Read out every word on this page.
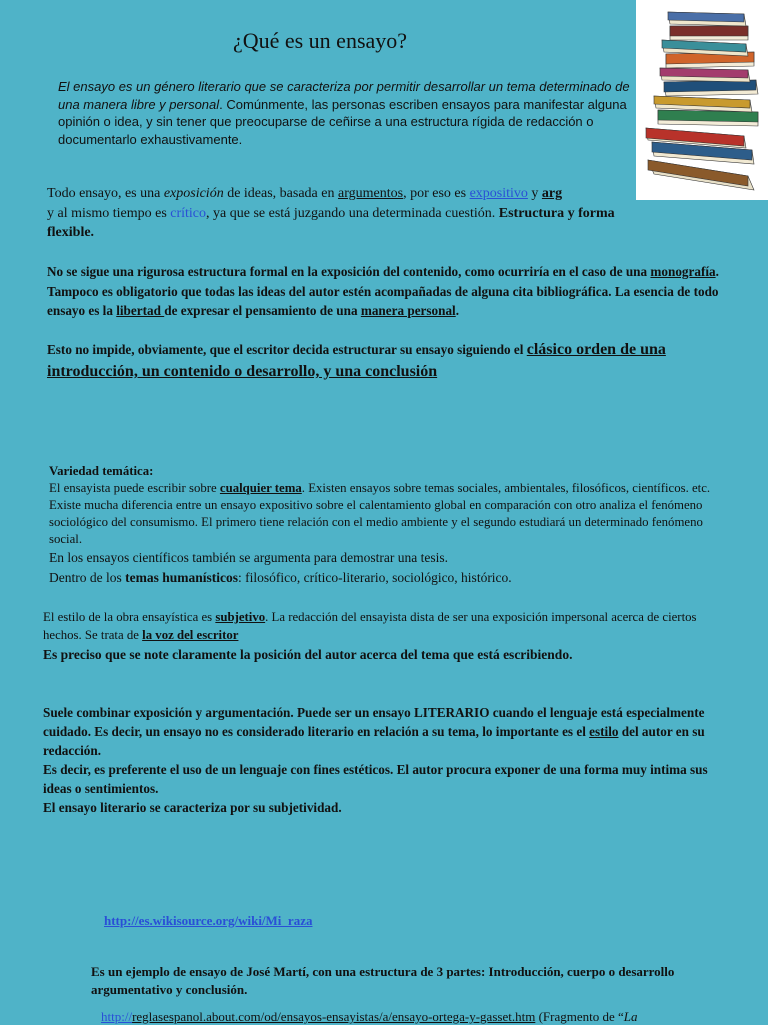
¿Qué es un ensayo?

El ensayo es un género literario que se caracteriza por permitir desarrollar un tema determinado de una manera libre y personal. Comúnmente, las personas escriben ensayos para manifestar alguna opinión o idea, y sin tener que preocuparse de ceñirse a una estructura rígida de redacción o documentarlo exhaustivamente.

Todo ensayo, es una exposición de ideas, basada en argumentos, por eso es expositivo y arg
y al mismo tiempo es crítico, ya que se está juzgando una determinada cuestión. Estructura y forma flexible.

No se sigue una rigurosa estructura formal en la exposición del contenido, como ocurriría en el caso de una monografía. Tampoco es obligatorio que todas las ideas del autor estén acompañadas de alguna cita bibliográfica. La esencia de todo ensayo es la libertad de expresar el pensamiento de una manera personal.

Esto no impide, obviamente, que el escritor decida estructurar su ensayo siguiendo el clásico orden de una introducción, un contenido o desarrollo, y una conclusión

Variedad temática:

El ensayista puede escribir sobre cualquier tema. Existen ensayos sobre temas sociales, ambientales, filosóficos, científicos. etc.

Existe mucha diferencia entre un ensayo expositivo sobre el calentamiento global en comparación con otro analiza el fenómeno sociológico del consumismo. El primero tiene relación con el medio ambiente y el segundo estudiará un determinado fenómeno social.

En los ensayos científicos también se argumenta para demostrar una tesis.

Dentro de los temas humanísticos: filosófico, crítico-literario, sociológico, histórico.

El estilo de la obra ensayística es subjetivo. La redacción del ensayista dista de ser una exposición impersonal acerca de ciertos hechos. Se trata de la voz del escritor

Es preciso que se note claramente la posición del autor acerca del tema que está escribiendo.

Suele combinar exposición y argumentación. Puede ser un ensayo LITERARIO cuando el lenguaje está especialmente cuidado. Es decir, un ensayo no es considerado literario en relación a su tema, lo importante es el estilo del autor en su redacción.

Es decir, es preferente el uso de un lenguaje con fines estéticos. El autor procura exponer de una forma muy intima sus ideas o sentimientos.

El ensayo literario se caracteriza por su subjetividad.

http://es.wikisource.org/wiki/Mi_raza

Es un ejemplo de ensayo de José Martí, con una estructura de 3 partes: Introducción, cuerpo o desarrollo argumentativo y conclusión.

http://reglasespanol.about.com/od/ensayos-ensayistas/a/ensayo-ortega-y-gasset.htm (Fragmento de “La
